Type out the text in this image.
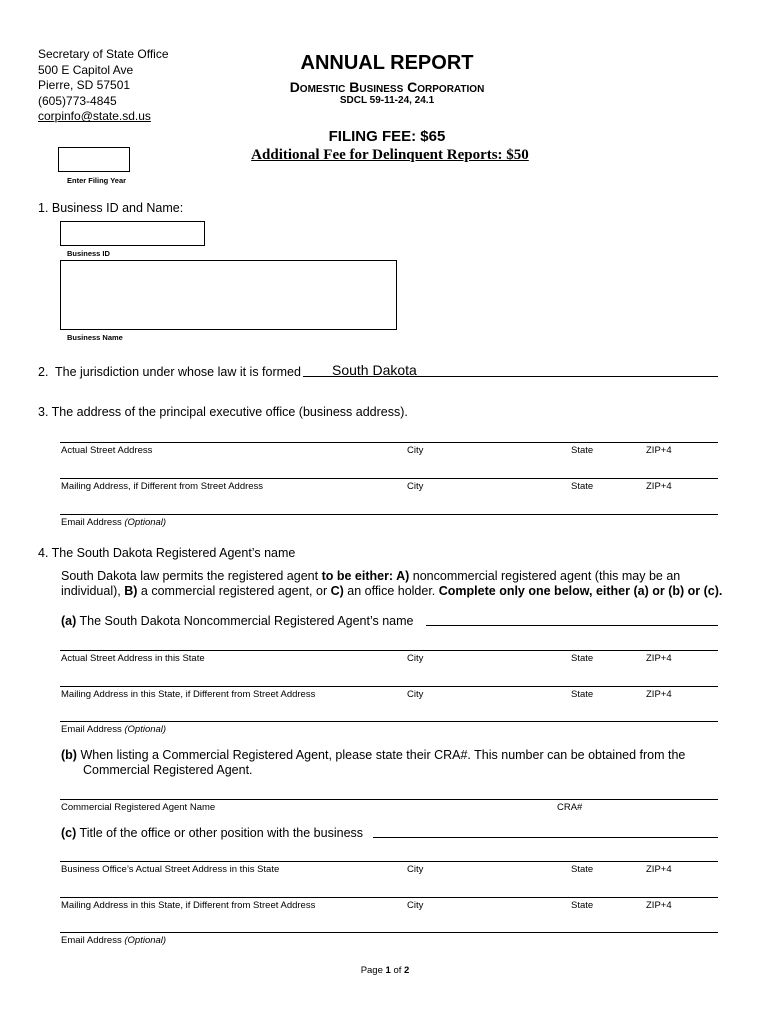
Secretary of State Office
500 E Capitol Ave
Pierre, SD 57501
(605)773-4845
corpinfo@state.sd.us
ANNUAL REPORT
Domestic Business Corporation
SDCL 59-11-24, 24.1
FILING FEE: $65
Additional Fee for Delinquent Reports: $50
Enter Filing Year
1. Business ID and Name:
Business ID
Business Name
2. The jurisdiction under whose law it is formed South Dakota
3. The address of the principal executive office (business address).
Actual Street Address	City	State	ZIP+4
Mailing Address, if Different from Street Address	City	State	ZIP+4
Email Address (Optional)
4. The South Dakota Registered Agent’s name
South Dakota law permits the registered agent to be either: A) noncommercial registered agent (this may be an
individual), B) a commercial registered agent, or C) an office holder. Complete only one below, either (a) or (b) or (c).
(a) The South Dakota Noncommercial Registered Agent’s name
Actual Street Address in this State	City	State	ZIP+4
Mailing Address in this State, if Different from Street Address	City	State	ZIP+4
Email Address (Optional)
(b) When listing a Commercial Registered Agent, please state their CRA#. This number can be obtained from the
Commercial Registered Agent.
Commercial Registered Agent Name	CRA#
(c) Title of the office or other position with the business
Business Office’s Actual Street Address in this State	City	State	ZIP+4
Mailing Address in this State, if Different from Street Address	City	State	ZIP+4
Email Address (Optional)
Page 1 of 2
